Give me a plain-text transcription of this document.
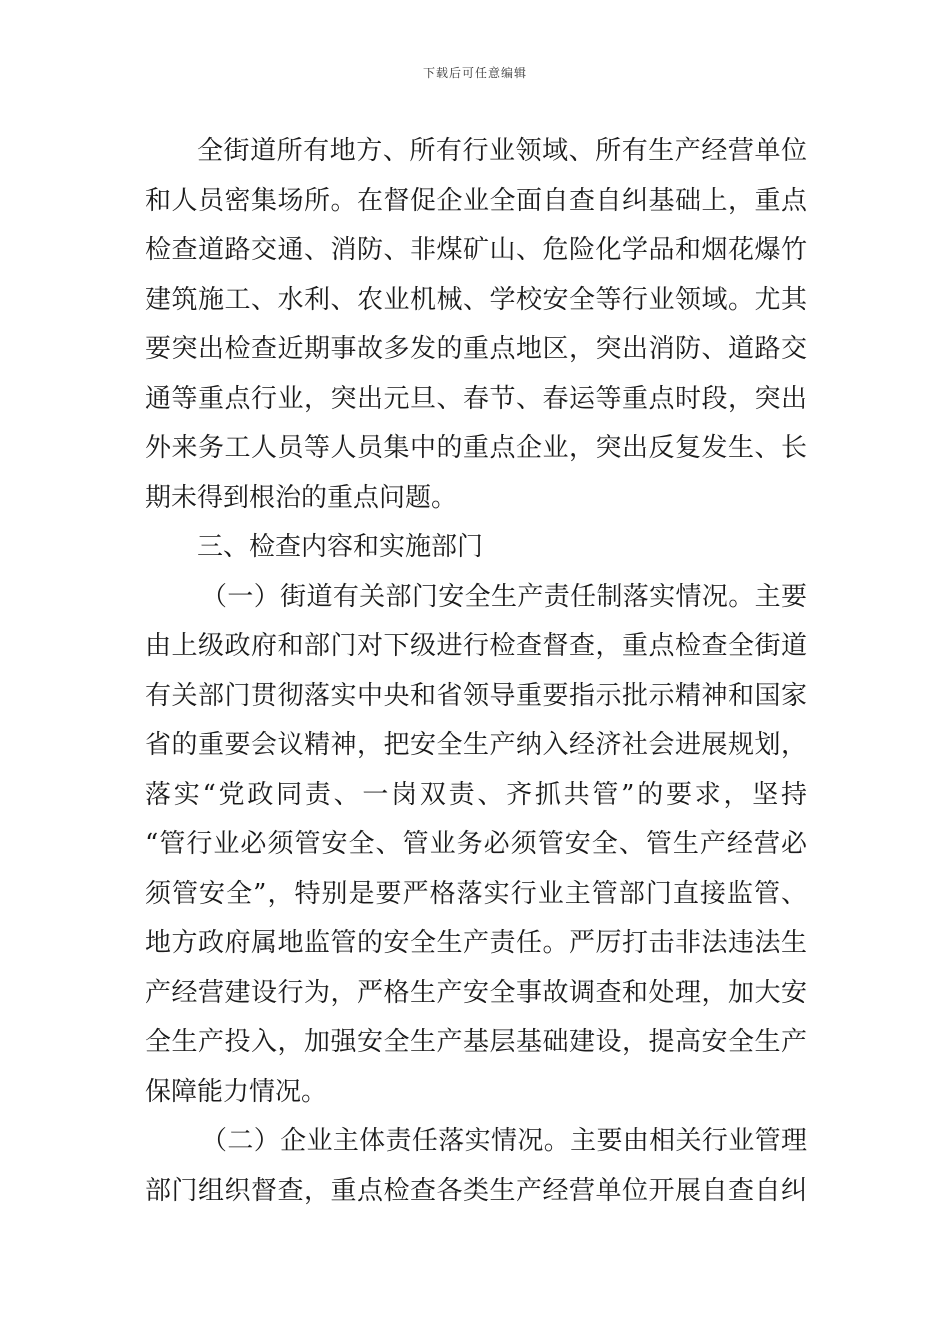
下载后可任意编辑

全街道所有地方、所有行业领域、所有生产经营单位
和人员密集场所。在督促企业全面自查自纠基础上，重点
检查道路交通、消防、非煤矿山、危险化学品和烟花爆竹
建筑施工、水利、农业机械、学校安全等行业领域。尤其
要突出检查近期事故多发的重点地区，突出消防、道路交
通等重点行业，突出元旦、春节、春运等重点时段，突出
外来务工人员等人员集中的重点企业，突出反复发生、长
期未得到根治的重点问题。

三、检查内容和实施部门

（一）街道有关部门安全生产责任制落实情况。主要
由上级政府和部门对下级进行检查督查，重点检查全街道
有关部门贯彻落实中央和省领导重要指示批示精神和国家
省的重要会议精神，把安全生产纳入经济社会进展规划，
落实“党政同责、一岗双责、齐抓共管”的要求，坚持
“管行业必须管安全、管业务必须管安全、管生产经营必
须管安全”，特别是要严格落实行业主管部门直接监管、
地方政府属地监管的安全生产责任。严厉打击非法违法生
产经营建设行为，严格生产安全事故调查和处理，加大安
全生产投入，加强安全生产基层基础建设，提高安全生产
保障能力情况。

（二）企业主体责任落实情况。主要由相关行业管理
部门组织督查，重点检查各类生产经营单位开展自查自纠
